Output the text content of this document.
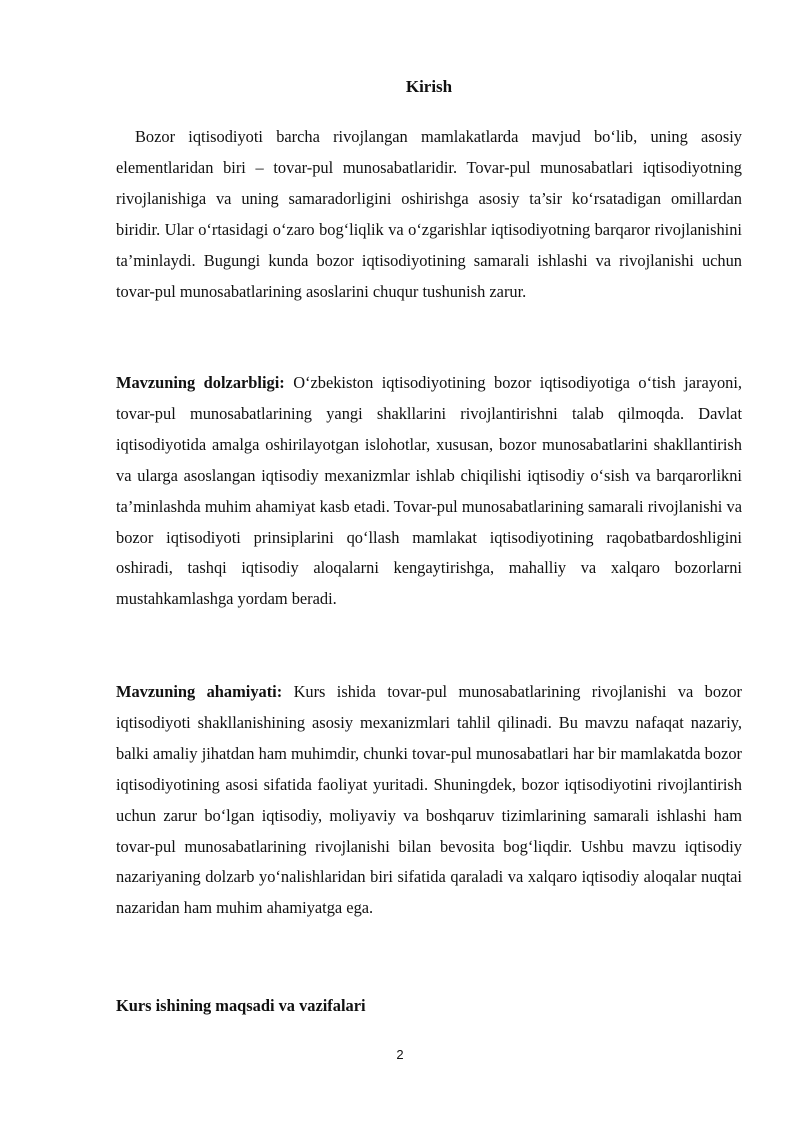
Kirish

Bozor iqtisodiyoti barcha rivojlangan mamlakatlarda mavjud bo‘lib, uning asosiy elementlaridan biri – tovar-pul munosabatlaridir. Tovar-pul munosabatlari iqtisodiyotning rivojlanishiga va uning samaradorligini oshirishga asosiy ta’sir ko‘rsatadigan omillardan biridir. Ular o‘rtasidagi o‘zaro bog‘liqlik va o‘zgarishlar iqtisodiyotning barqaror rivojlanishini ta’minlaydi. Bugungi kunda bozor iqtisodiyotining samarali ishlashi va rivojlanishi uchun tovar-pul munosabatlarining asoslarini chuqur tushunish zarur.

Mavzuning dolzarbligi: O‘zbekiston iqtisodiyotining bozor iqtisodiyotiga o‘tish jarayoni, tovar-pul munosabatlarining yangi shakllarini rivojlantirishni talab qilmoqda. Davlat iqtisodiyotida amalga oshirilayotgan islohotlar, xususan, bozor munosabatlarini shakllantirish va ularga asoslangan iqtisodiy mexanizmlar ishlab chiqilishi iqtisodiy o‘sish va barqarorlikni ta’minlashda muhim ahamiyat kasb etadi. Tovar-pul munosabatlarining samarali rivojlanishi va bozor iqtisodiyoti prinsiplarini qo‘llash mamlakat iqtisodiyotining raqobatbardoshligini oshiradi, tashqi iqtisodiy aloqalarni kengaytirishga, mahalliy va xalqaro bozorlarni mustahkamlashga yordam beradi.

Mavzuning ahamiyati: Kurs ishida tovar-pul munosabatlarining rivojlanishi va bozor iqtisodiyoti shakllanishining asosiy mexanizmlari tahlil qilinadi. Bu mavzu nafaqat nazariy, balki amaliy jihatdan ham muhimdir, chunki tovar-pul munosabatlari har bir mamlakatda bozor iqtisodiyotining asosi sifatida faoliyat yuritadi. Shuningdek, bozor iqtisodiyotini rivojlantirish uchun zarur bo‘lgan iqtisodiy, moliyaviy va boshqaruv tizimlarining samarali ishlashi ham tovar-pul munosabatlarining rivojlanishi bilan bevosita bog‘liqdir. Ushbu mavzu iqtisodiy nazariyaning dolzarb yo‘nalishlaridan biri sifatida qaraladi va xalqaro iqtisodiy aloqalar nuqtai nazaridan ham muhim ahamiyatga ega.

Kurs ishining maqsadi va vazifalari
2
